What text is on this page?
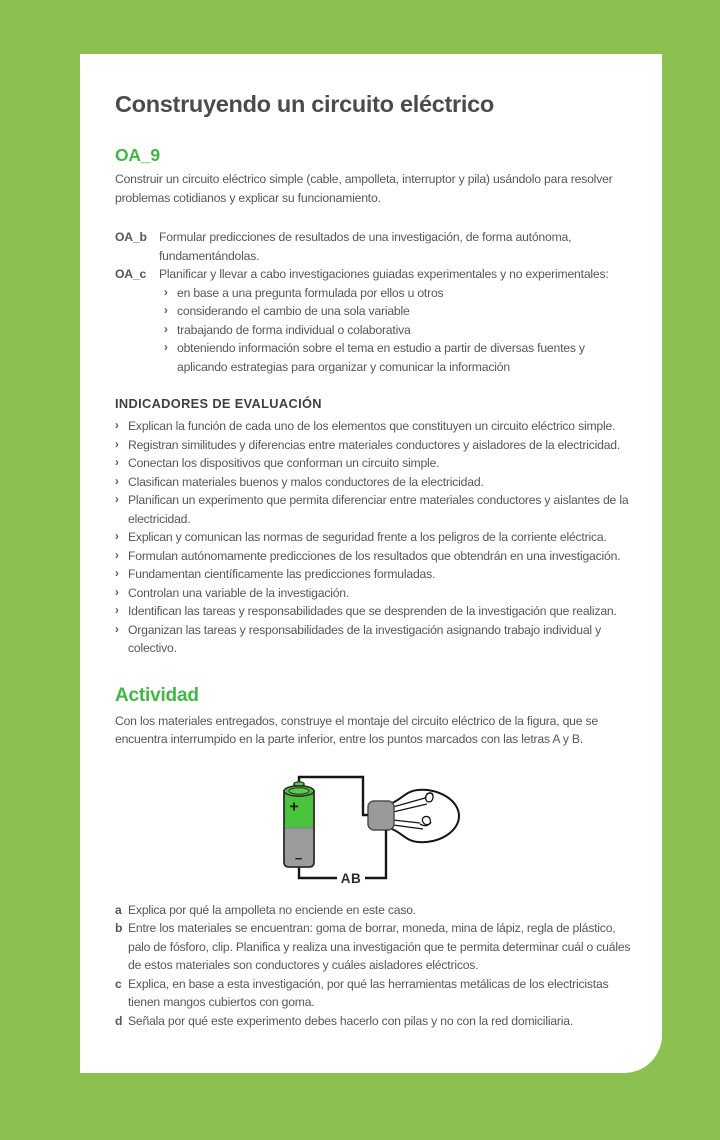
Construyendo un circuito eléctrico
OA_9

Construir un circuito eléctrico simple (cable, ampolleta, interruptor y pila) usándolo para resolver problemas cotidianos y explicar su funcionamiento.

OA_b	Formular predicciones de resultados de una investigación, de forma autónoma, fundamentándolas.
OA_c	Planificar y llevar a cabo investigaciones guiadas experimentales y no experimentales:
› en base a una pregunta formulada por ellos u otros
› considerando el cambio de una sola variable
› trabajando de forma individual o colaborativa
› obteniendo información sobre el tema en estudio a partir de diversas fuentes y aplicando estrategias para organizar y comunicar la información
INDICADORES DE EVALUACIÓN
› Explican la función de cada uno de los elementos que constituyen un circuito eléctrico simple.
› Registran similitudes y diferencias entre materiales conductores y aisladores de la electricidad.
› Conectan los dispositivos que conforman un circuito simple.
› Clasifican materiales buenos y malos conductores de la electricidad.
› Planifican un experimento que permita diferenciar entre materiales conductores y aislantes de la electricidad.
› Explican y comunican las normas de seguridad frente a los peligros de la corriente eléctrica.
› Formulan autónomamente predicciones de los resultados que obtendrán en una investigación.
› Fundamentan científicamente las predicciones formuladas.
› Controlan una variable de la investigación.
› Identifican las tareas y responsabilidades que se desprenden de la investigación que realizan.
› Organizan las tareas y responsabilidades de la investigación asignando trabajo individual y colectivo.
Actividad

Con los materiales entregados, construye el montaje del circuito eléctrico de la figura, que se encuentra interrumpido en la parte inferior, entre los puntos marcados con las letras A y B.

+
−
AB
a Explica por qué la ampolleta no enciende en este caso.
b Entre los materiales se encuentran: goma de borrar, moneda, mina de lápiz, regla de plástico, palo de fósforo, clip. Planifica y realiza una investigación que te permita determinar cuál o cuáles de estos materiales son conductores y cuáles aisladores eléctricos.
c Explica, en base a esta investigación, por qué las herramientas metálicas de los electricistas tienen mangos cubiertos con goma.
d Señala por qué este experimento debes hacerlo con pilas y no con la red domiciliaria.
